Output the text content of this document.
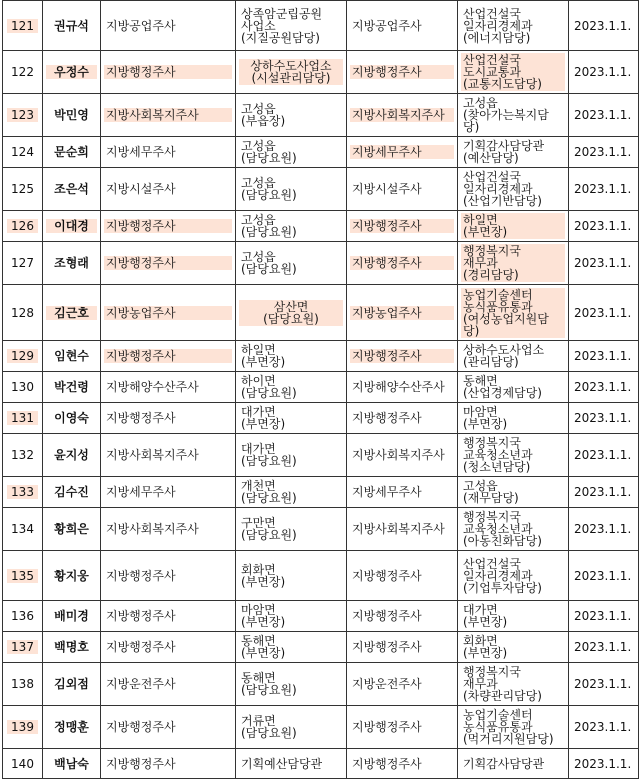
121	권규석	지방공업주사	상족암군립공원
사업소
(지질공원담당)	지방공업주사	산업건설국
일자리경제과
(에너지담당)	2023.1.1.

122	우정수	지방행정주사	상하수도사업소
(시설관리담당)	지방행정주사	산업건설국
도시교통과
(교통지도담당)	2023.1.1.

123	박민영	지방사회복지주사	고성읍
(부읍장)	지방사회복지주사	고성읍
(찾아가는복지담
당)	2023.1.1.

124	문순희	지방세무주사	고성읍
(담당요원)	지방세무주사	기획감사담당관
(예산담당)	2023.1.1.

125	조은석	지방시설주사	고성읍
(담당요원)	지방시설주사	산업건설국
일자리경제과
(산업기반담당)	2023.1.1.

126	이대경	지방행정주사	고성읍
(담당요원)	지방행정주사	하일면
(부면장)	2023.1.1.

127	조형래	지방행정주사	고성읍
(담당요원)	지방행정주사	행정복지국
재무과
(경리담당)	2023.1.1.

128	김근호	지방농업주사	삼산면
(담당요원)	지방농업주사	농업기술센터
농식품유통과
(여성농업지원담
당)	2023.1.1.

129	임현수	지방행정주사	하일면
(부면장)	지방행정주사	상하수도사업소
(관리담당)	2023.1.1.

130	박건령	지방해양수산주사	하이면
(담당요원)	지방해양수산주사	동해면
(산업경제담당)	2023.1.1.

131	이영숙	지방행정주사	대가면
(부면장)	지방행정주사	마암면
(부면장)	2023.1.1.

132	윤지성	지방사회복지주사	대가면
(담당요원)	지방사회복지주사	행정복지국
교육청소년과
(청소년담당)	2023.1.1.

133	김수진	지방세무주사	개천면
(담당요원)	지방세무주사	고성읍
(재무담당)	2023.1.1.

134	황희은	지방사회복지주사	구만면
(담당요원)	지방사회복지주사	행정복지국
교육청소년과
(아동친화담당)	2023.1.1.

135	황지웅	지방행정주사	회화면
(부면장)	지방행정주사	산업건설국
일자리경제과
(기업투자담당)	2023.1.1.

136	배미경	지방행정주사	마암면
(부면장)	지방행정주사	대가면
(부면장)	2023.1.1.

137	백명호	지방행정주사	동해면
(부면장)	지방행정주사	회화면
(부면장)	2023.1.1.

138	김외점	지방운전주사	동해면
(담당요원)	지방운전주사	행정복지국
재무과
(차량관리담당)	2023.1.1.

139	정맹훈	지방행정주사	거류면
(담당요원)	지방행정주사	농업기술센터
농식품유통과
(먹거리지원담당)	2023.1.1.

140	백남숙	지방행정주사	기획예산담당관	지방행정주사	기획감사담당관	2023.1.1.
